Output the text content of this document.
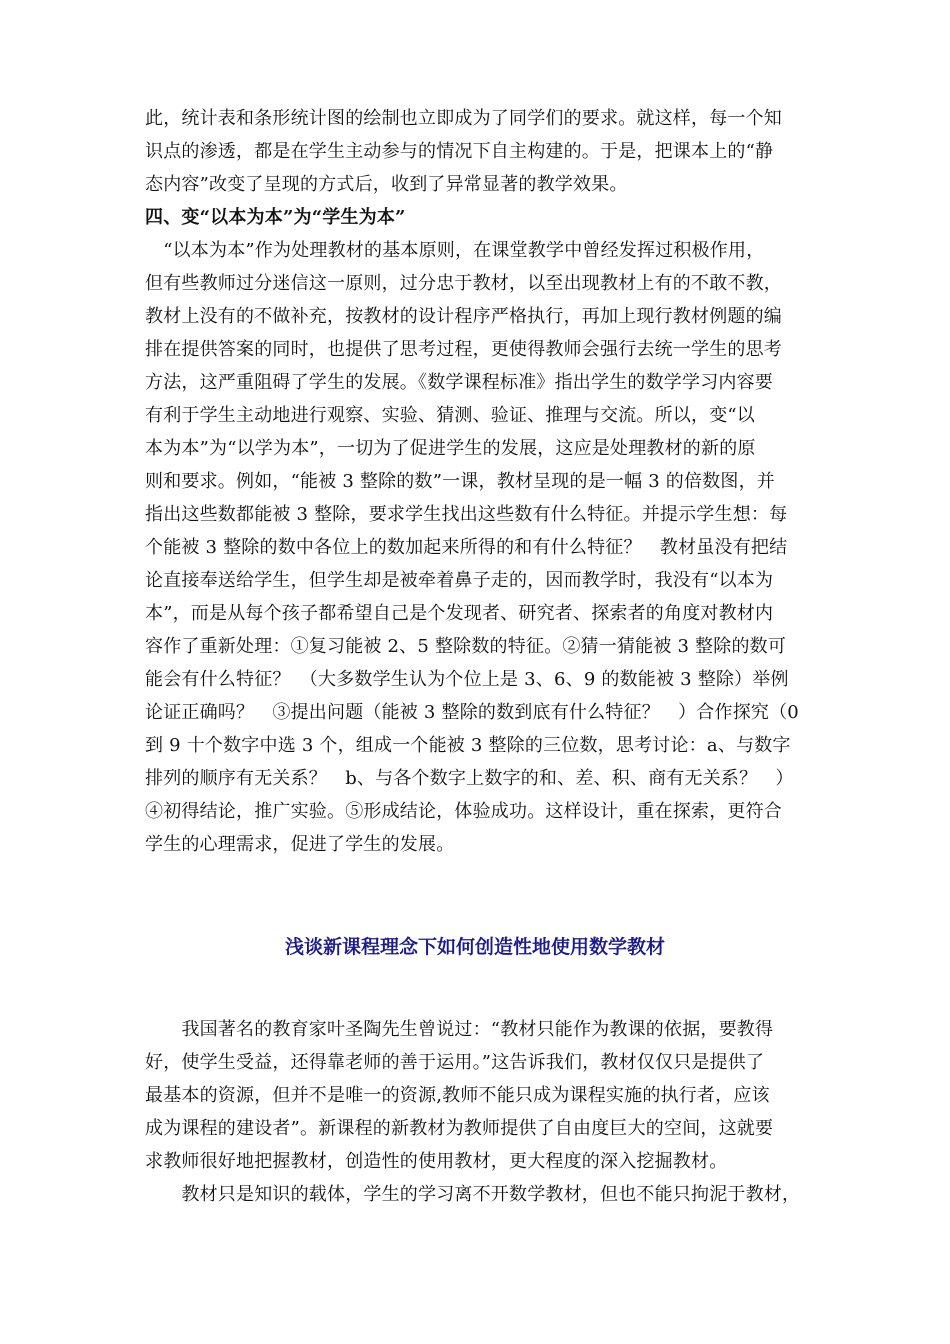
此，统计表和条形统计图的绘制也立即成为了同学们的要求。就这样，每一个知
识点的渗透，都是在学生主动参与的情况下自主构建的。于是，把课本上的“静
态内容”改变了呈现的方式后，收到了异常显著的教学效果。
四、变“以本为本”为“学生为本”
　“以本为本”作为处理教材的基本原则，在课堂教学中曾经发挥过积极作用，
但有些教师过分迷信这一原则，过分忠于教材，以至出现教材上有的不敢不教，
教材上没有的不做补充，按教材的设计程序严格执行，再加上现行教材例题的编
排在提供答案的同时，也提供了思考过程，更使得教师会强行去统一学生的思考
方法，这严重阻碍了学生的发展。《数学课程标准》指出学生的数学学习内容要
有利于学生主动地进行观察、实验、猜测、验证、推理与交流。所以，变“以
本为本”为“以学为本”，一切为了促进学生的发展，这应是处理教材的新的原
则和要求。例如，“能被 3 整除的数”一课，教材呈现的是一幅 3 的倍数图，并
指出这些数都能被 3 整除，要求学生找出这些数有什么特征。并提示学生想：每
个能被 3 整除的数中各位上的数加起来所得的和有什么特征？　教材虽没有把结
论直接奉送给学生，但学生却是被牵着鼻子走的，因而教学时，我没有“以本为
本”，而是从每个孩子都希望自己是个发现者、研究者、探索者的角度对教材内
容作了重新处理：①复习能被 2、5 整除数的特征。②猜一猜能被 3 整除的数可
能会有什么特征？　（大多数学生认为个位上是 3、6、9 的数能被 3 整除）举例
论证正确吗？　③提出问题（能被 3 整除的数到底有什么特征？　）合作探究（0
到 9 十个数字中选 3 个，组成一个能被 3 整除的三位数，思考讨论：a、与数字
排列的顺序有无关系？　b、与各个数字上数字的和、差、积、商有无关系？　）
④初得结论，推广实验。⑤形成结论，体验成功。这样设计，重在探索，更符合
学生的心理需求，促进了学生的发展。
浅谈新课程理念下如何创造性地使用数学教材
　　我国著名的教育家叶圣陶先生曾说过：“教材只能作为教课的依据，要教得
好，使学生受益，还得靠老师的善于运用。”这告诉我们，教材仅仅只是提供了
最基本的资源，但并不是唯一的资源,教师不能只成为课程实施的执行者，应该
成为课程的建设者”。新课程的新教材为教师提供了自由度巨大的空间，这就要
求教师很好地把握教材，创造性的使用教材，更大程度的深入挖掘教材。
　　教材只是知识的载体，学生的学习离不开数学教材，但也不能只拘泥于教材，
